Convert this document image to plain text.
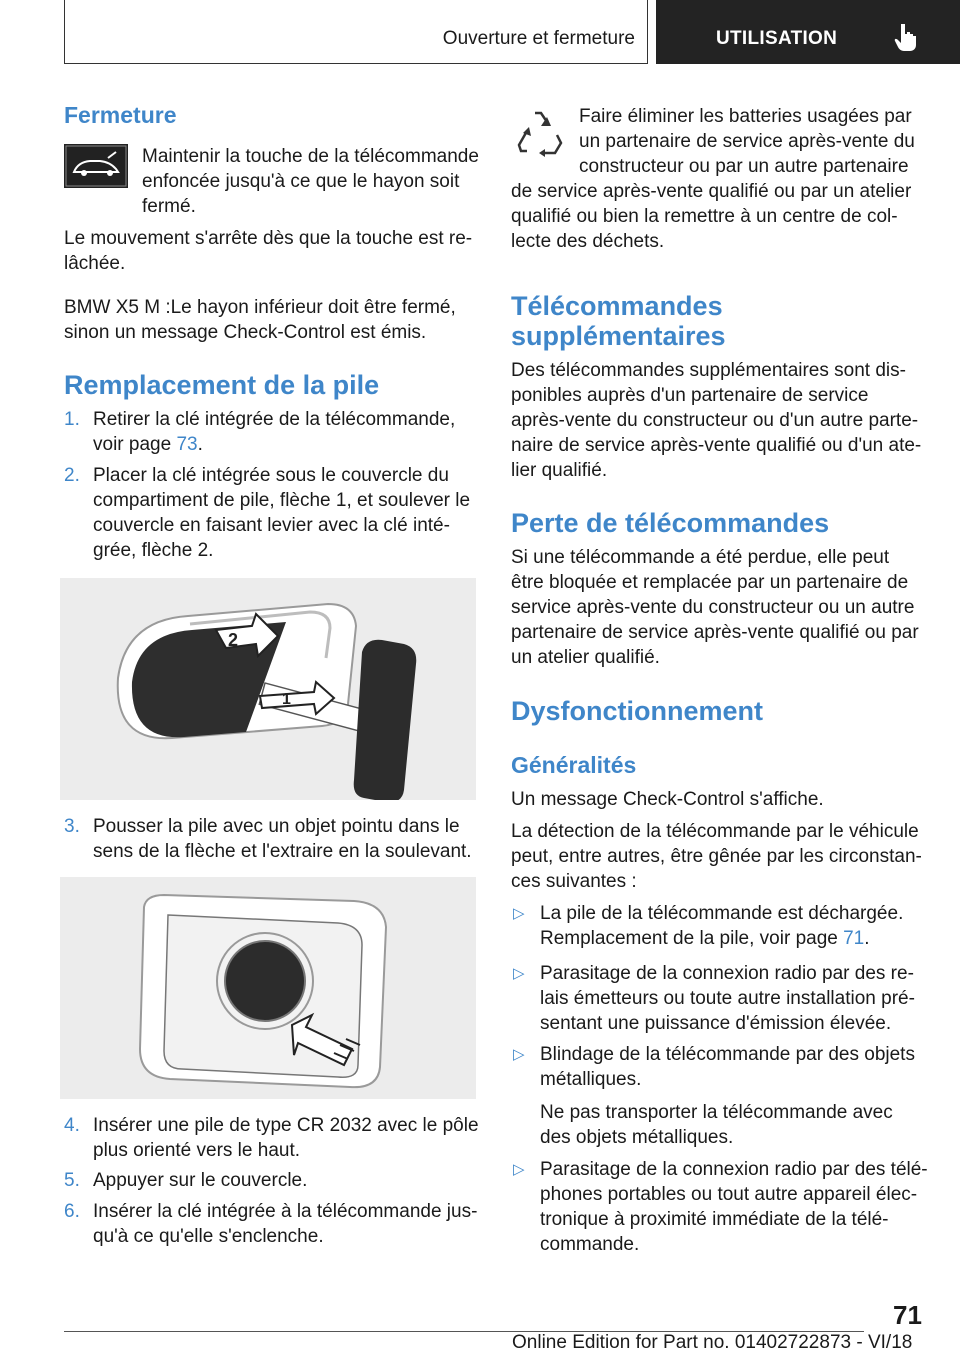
Ouverture et fermeture	UTILISATION
Fermeture
Maintenir la touche de la télécommande enfoncée jusqu'à ce que le hayon soit fermé.

Le mouvement s'arrête dès que la touche est re-lâchée.

BMW X5 M :Le hayon inférieur doit être fermé, sinon un message Check-Control est émis.

Remplacement de la pile
1. Retirer la clé intégrée de la télécommande, voir page 73.
2. Placer la clé intégrée sous le couvercle du compartiment de pile, flèche 1, et soulever le couvercle en faisant levier avec la clé inté-grée, flèche 2.
2
1
3. Pousser la pile avec un objet pointu dans le sens de la flèche et l'extraire en la soulevant.
4. Insérer une pile de type CR 2032 avec le pôle plus orienté vers le haut.
5. Appuyer sur le couvercle.
6. Insérer la clé intégrée à la télécommande jus-qu'à ce qu'elle s'enclenche.
Faire éliminer les batteries usagées par
un partenaire de service après-vente du
constructeur ou par un autre partenaire

de service après-vente qualifié ou par un atelier qualifié ou bien la remettre à un centre de col-lecte des déchets.

Télécommandes supplémentaires

Des télécommandes supplémentaires sont dis-ponibles auprès d'un partenaire de service après-vente du constructeur ou d'un autre parte-naire de service après-vente qualifié ou d'un ate-lier qualifié.

Perte de télécommandes

Si une télécommande a été perdue, elle peut être bloquée et remplacée par un partenaire de service après-vente du constructeur ou un autre partenaire de service après-vente qualifié ou par un atelier qualifié.

Dysfonctionnement
Généralités

Un message Check-Control s'affiche.

La détection de la télécommande par le véhicule peut, entre autres, être gênée par les circonstan-ces suivantes :

▷ La pile de la télécommande est déchargée. Remplacement de la pile, voir page 71.
▷ Parasitage de la connexion radio par des re-lais émetteurs ou toute autre installation pré-sentant une puissance d'émission élevée.
▷ Blindage de la télécommande par des objets métalliques.
Ne pas transporter la télécommande avec des objets métalliques.
▷ Parasitage de la connexion radio par des télé-phones portables ou tout autre appareil élec-tronique à proximité immédiate de la télé-commande.
71
Online Edition for Part no. 01402722873 - VI/18
